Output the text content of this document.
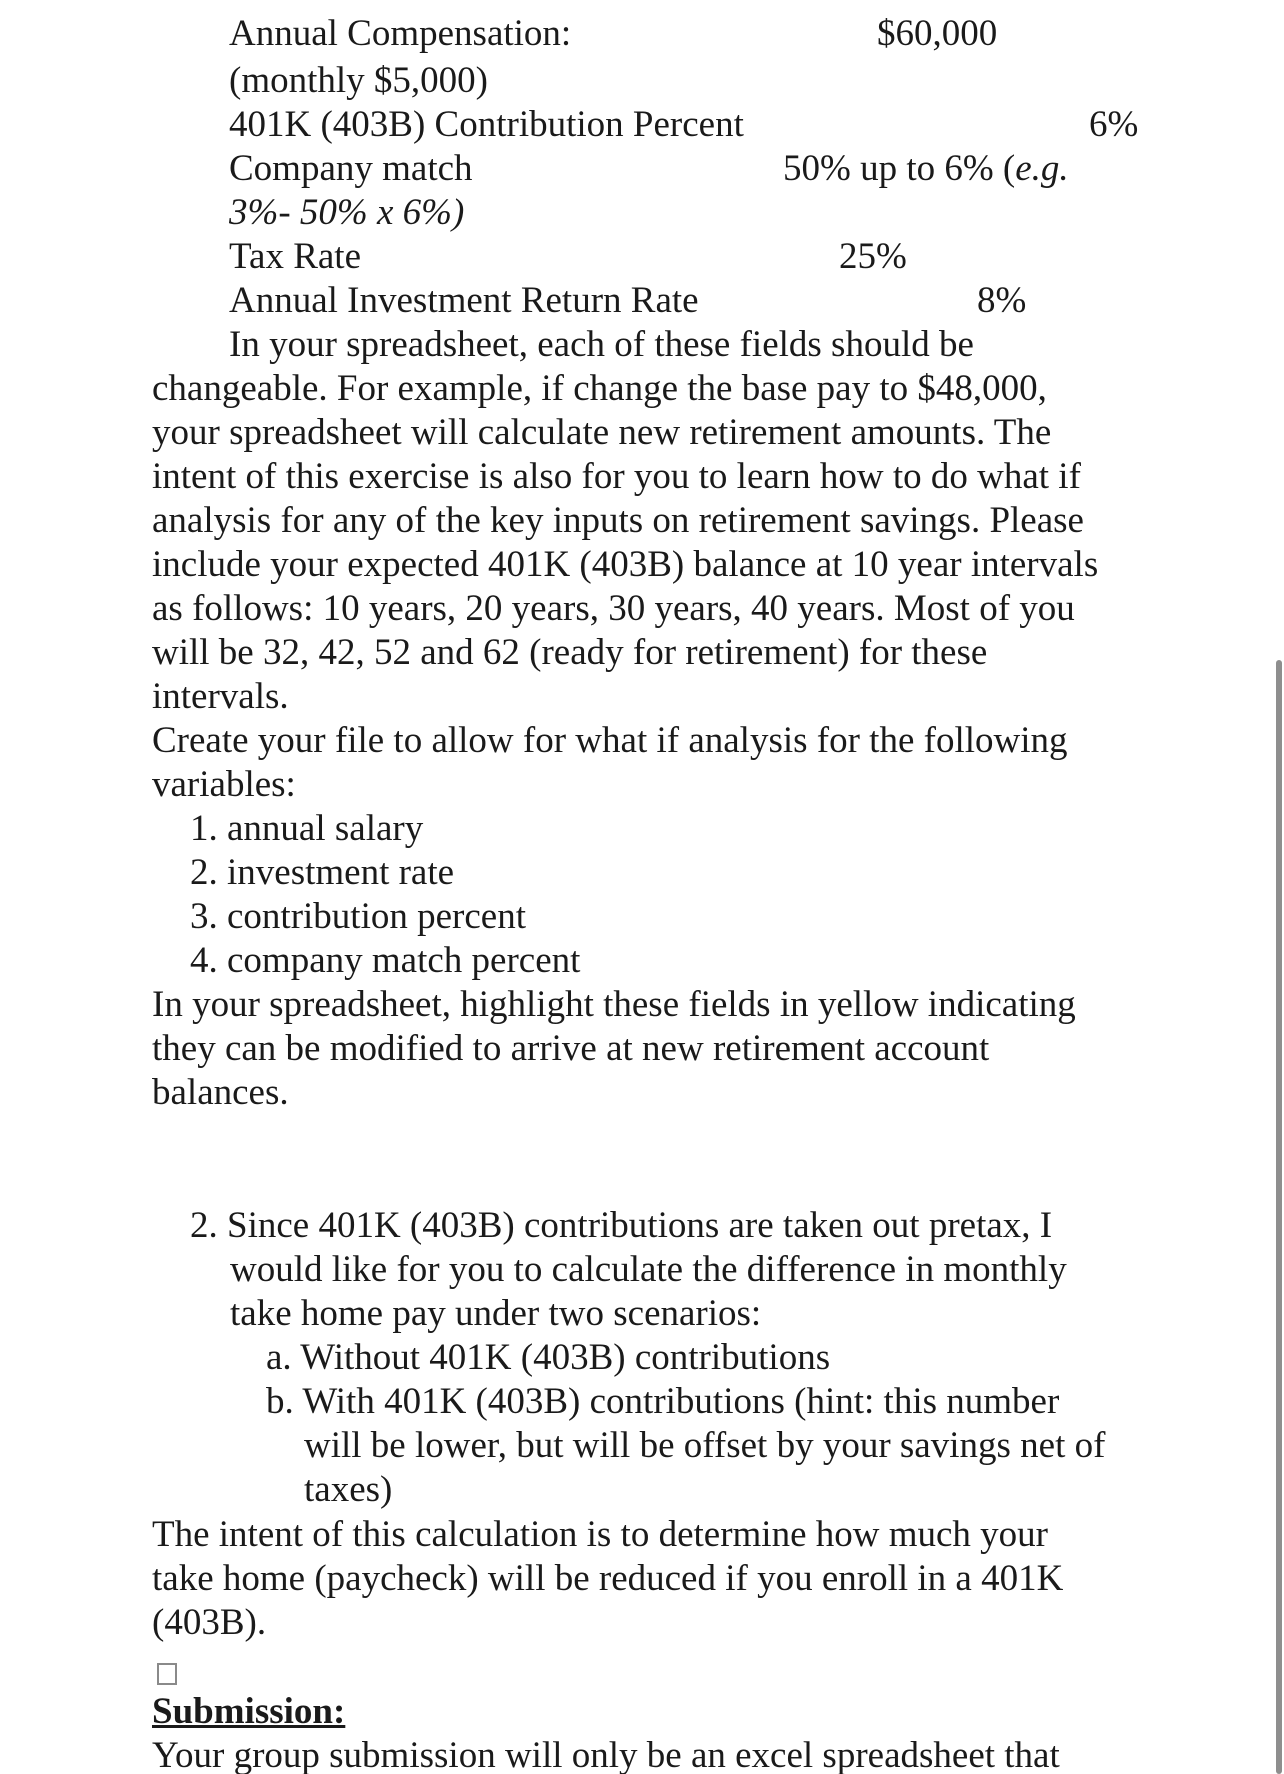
Annual Compensation:	$60,000
(monthly $5,000)
401K (403B) Contribution Percent	6%
Company match	50% up to 6% (e.g.
3%- 50% x 6%)
Tax Rate	25%
Annual Investment Return Rate	8%
In your spreadsheet, each of these fields should be
changeable. For example, if change the base pay to $48,000,
your spreadsheet will calculate new retirement amounts. The
intent of this exercise is also for you to learn how to do what if
analysis for any of the key inputs on retirement savings. Please
include your expected 401K (403B) balance at 10 year intervals
as follows: 10 years, 20 years, 30 years, 40 years. Most of you
will be 32, 42, 52 and 62 (ready for retirement) for these
intervals.
Create your file to allow for what if analysis for the following
variables:
1. annual salary
2. investment rate
3. contribution percent
4. company match percent
In your spreadsheet, highlight these fields in yellow indicating
they can be modified to arrive at new retirement account
balances.
2. Since 401K (403B) contributions are taken out pretax, I
would like for you to calculate the difference in monthly
take home pay under two scenarios:
a. Without 401K (403B) contributions
b. With 401K (403B) contributions (hint: this number
will be lower, but will be offset by your savings net of
taxes)
The intent of this calculation is to determine how much your
take home (paycheck) will be reduced if you enroll in a 401K
(403B).
Submission:
Your group submission will only be an excel spreadsheet that
